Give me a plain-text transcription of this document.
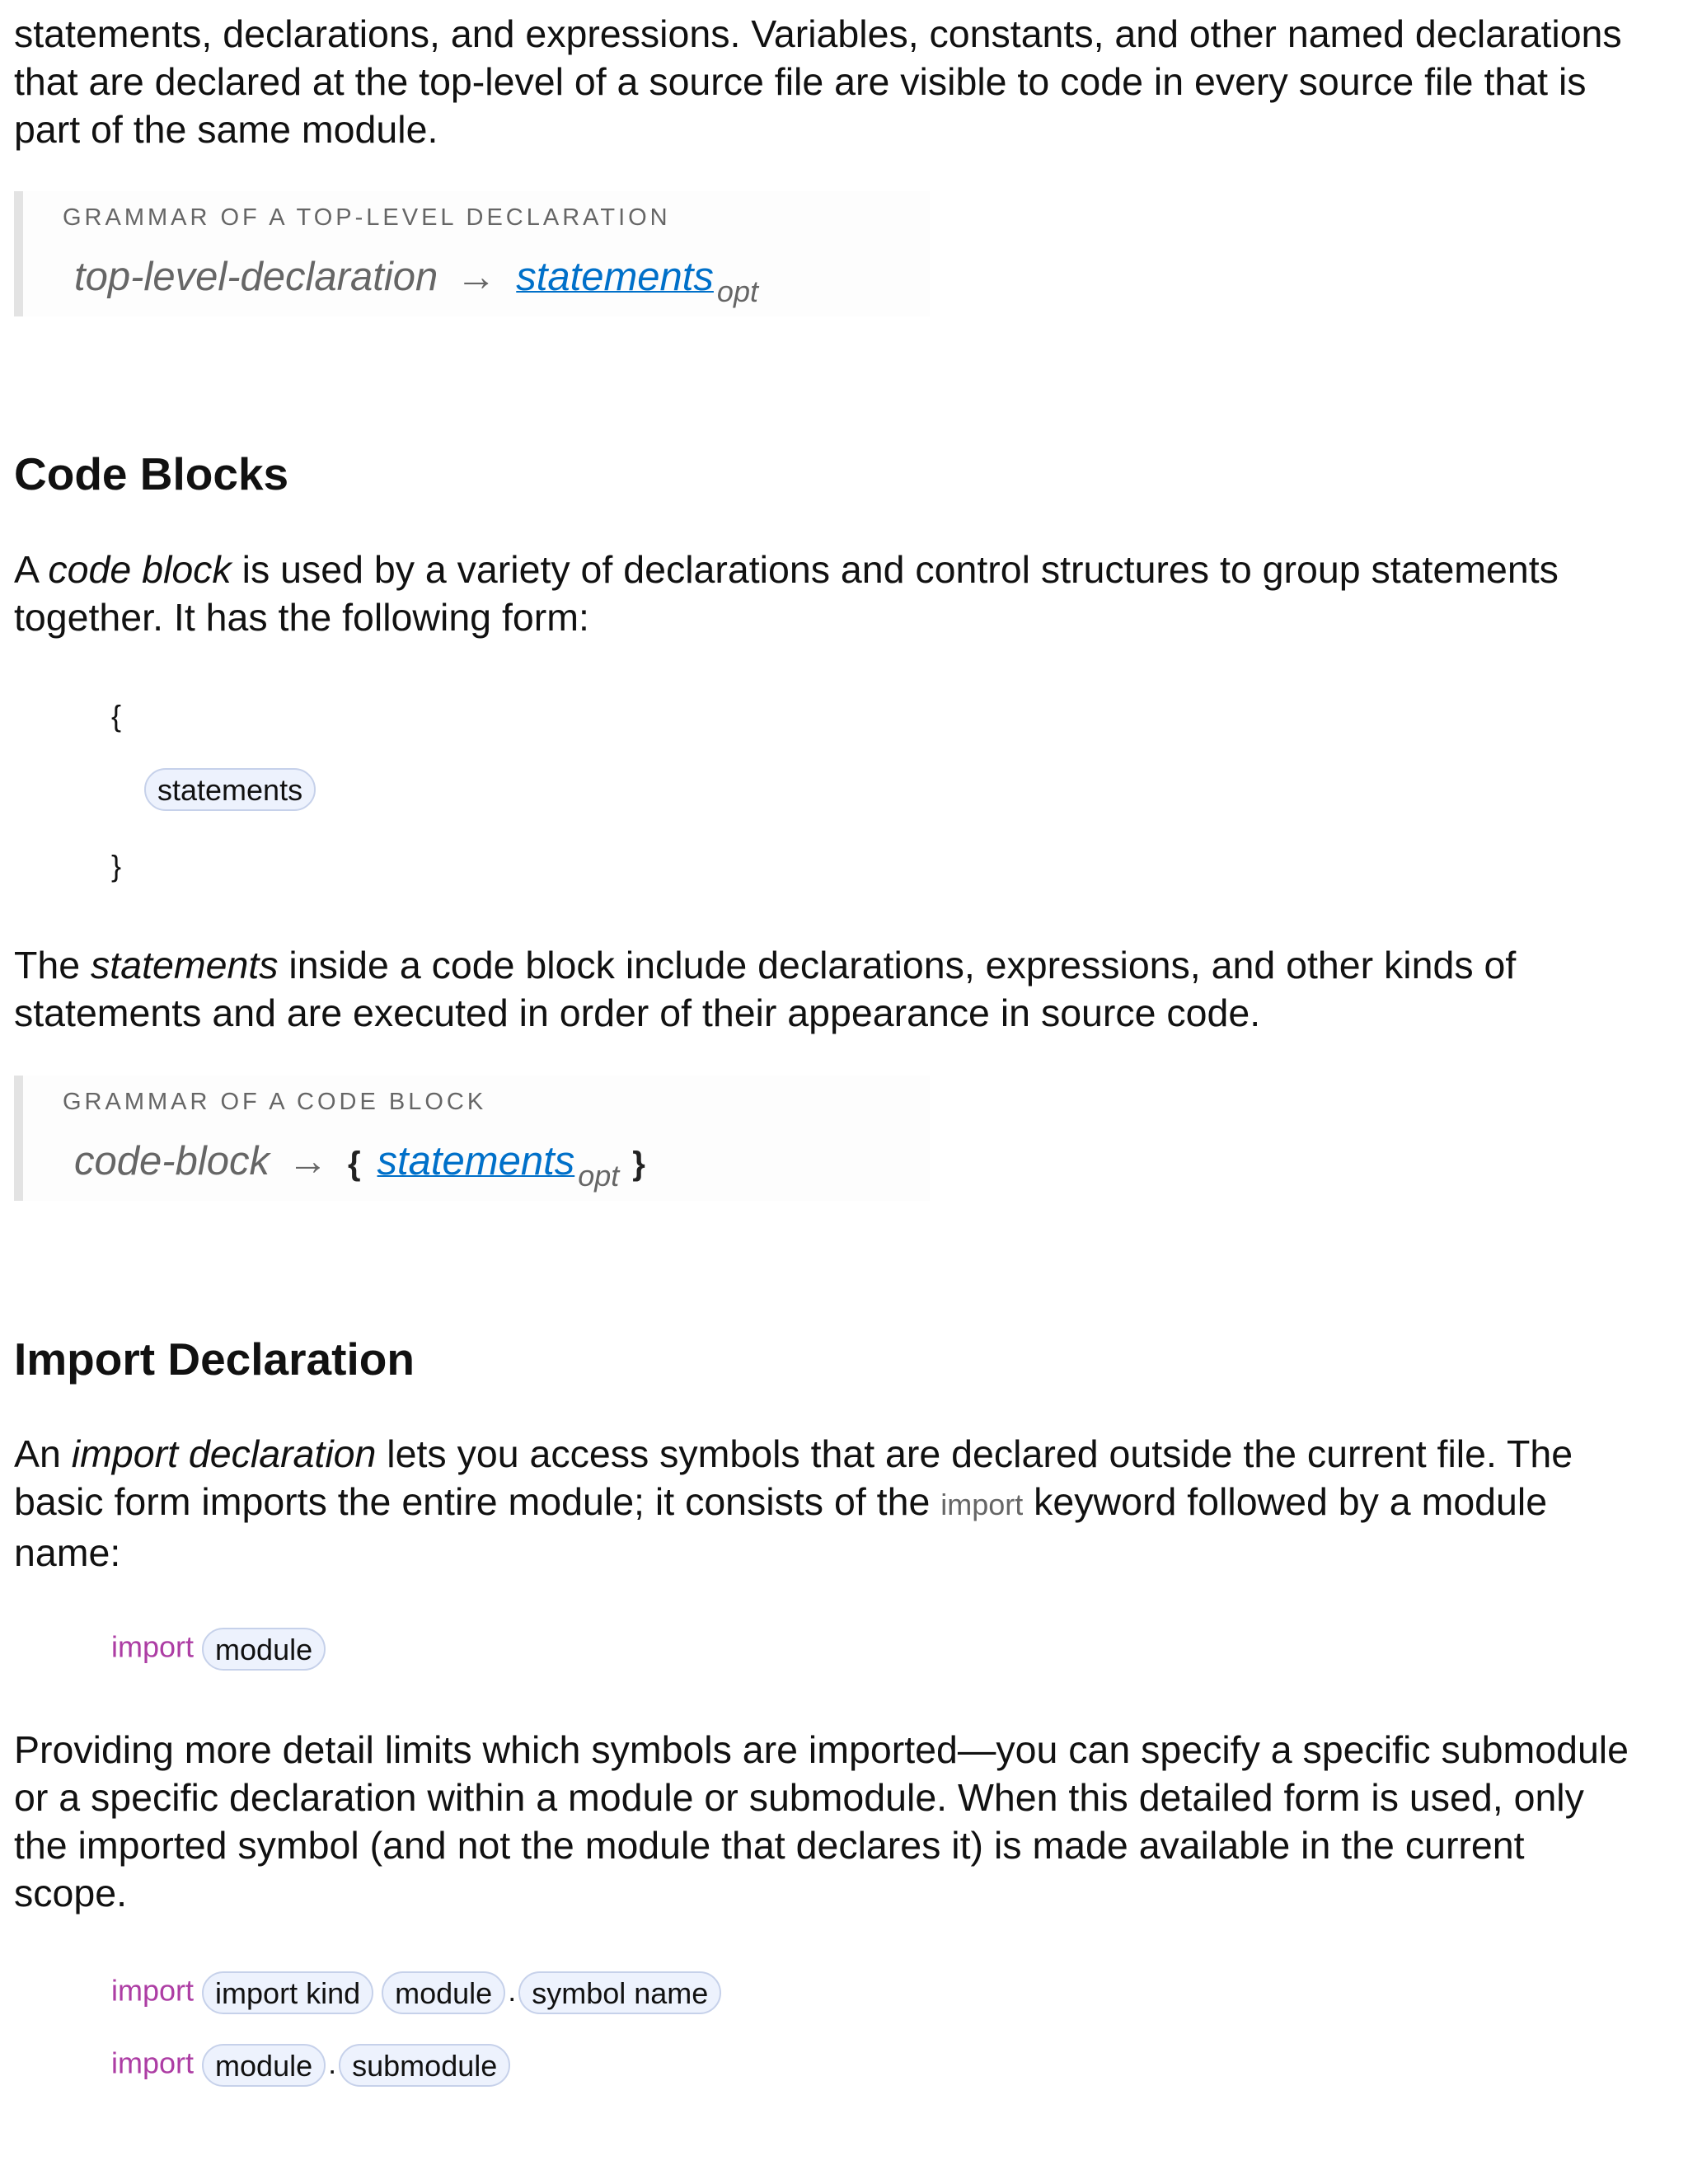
statements, declarations, and expressions. Variables, constants, and other named declarations
that are declared at the top-level of a source file are visible to code in every source file that is
part of the same module.

GRAMMAR OF A TOP-LEVEL DECLARATION
top-level-declaration → statements $_{opt}$
Code Blocks

A code block is used by a variety of declarations and control structures to group statements
together. It has the following form:

{
statements
}

The statements inside a code block include declarations, expressions, and other kinds of
statements and are executed in order of their appearance in source code.

GRAMMAR OF A CODE BLOCK
code-block → { statements $_{opt}$ }
Import Declaration

An import declaration lets you access symbols that are declared outside the current file. The
basic form imports the entire module; it consists of the import keyword followed by a module
name:

import module

Providing more detail limits which symbols are imported—you can specify a specific submodule
or a specific declaration within a module or submodule. When this detailed form is used, only
the imported symbol (and not the module that declares it) is made available in the current
scope.

import import kind module . symbol name
import module . submodule
